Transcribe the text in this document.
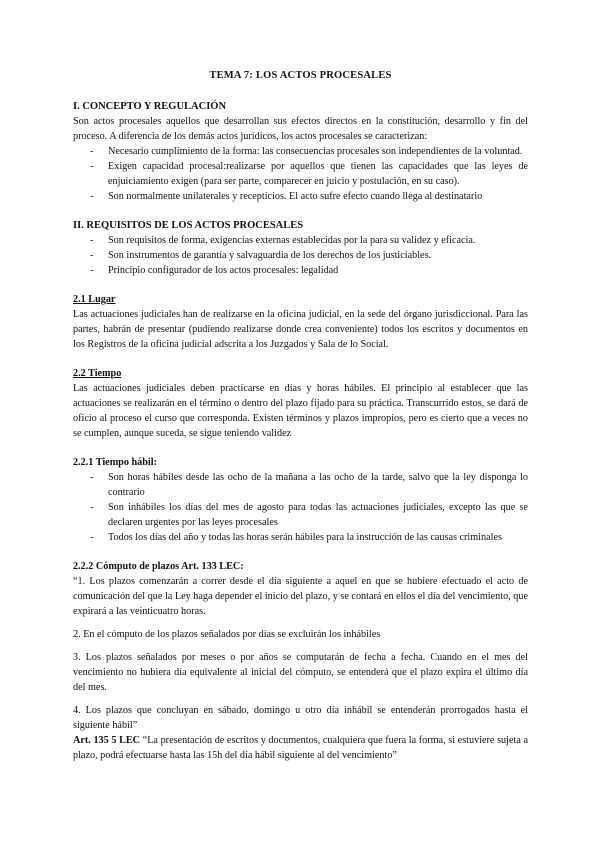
TEMA 7: LOS ACTOS PROCESALES
I. CONCEPTO Y REGULACIÓN

Son actos procesales aquellos que desarrollan sus efectos directos en la constitución, desarrollo y fin del proceso. A diferencia de los demás actos jurídicos, los actos procesales se caracterizan:

- Necesario cumplimiento de la forma: las consecuencias procesales son independientes de la voluntad.
- Exigen capacidad procesal:realizarse por aquellos que tienen las capacidades que las leyes de enjuiciamiento exigen (para ser parte, comparecer en juicio y postulación, en su caso).
- Son normalmente unilaterales y recepticios. El acto sufre efecto cuando llega al destinatario
II. REQUISITOS DE LOS ACTOS PROCESALES
- Son requisitos de forma, exigencias externas establecidas por la para su validez y eficacia.
- Son instrumentos de garantía y salvaguardia de los derechos de los justiciables.
- Principio configurador de los actos procesales: legalidad
2.1 Lugar

Las actuaciones judiciales han de realizarse en la oficina judicial, en la sede del órgano jurisdiccional. Para las partes, habrán de presentar (pudiendo realizarse donde crea conveniente) todos los escritos y documentos en los Registros de la oficina judicial adscrita a los Juzgados y Sala de lo Social.

2.2 Tiempo

Las actuaciones judiciales deben practicarse en días y horas hábiles. El principio al establecer que las actuaciones se realizarán en el término o dentro del plazo fijado para su práctica. Transcurrido estos, se dará de oficio al proceso el curso que corresponda. Existen términos y plazos impropios, pero es cierto que a veces no se cumplen, aunque suceda, se sigue teniendo validez

2.2.1 Tiempo hábil:
- Son horas hábiles desde las ocho de la mañana a las ocho de la tarde, salvo que la ley disponga lo contrario
- Son inhábiles los días del mes de agosto para todas las actuaciones judiciales, excepto las que se declaren urgentes por las leyes procesales
- Todos los días del año y todas las horas serán hábiles para la instrucción de las causas criminales
2.2.2 Cómputo de plazos Art. 133 LEC:

“1. Los plazos comenzarán a correr desde el día siguiente a aquel en que se hubiere efectuado el acto de comunicación del que la Ley haga depender el inicio del plazo, y se contará en ellos el día del vencimiento, que expirará a las veinticuatro horas.

2. En el cómputo de los plazos señalados por días se excluirán los inhábiles

3. Los plazos señalados por meses o por años se computarán de fecha a fecha. Cuando en el mes del vencimiento no hubiera día equivalente al inicial del cómputo, se entenderá que el plazo expira el último día del mes.

4. Los plazos que concluyan en sábado, domingo u otro día inhábil se entenderán prorrogados hasta el siguiente hábil”

Art. 135 5 LEC “La presentación de escritos y documentos, cualquiera que fuera la forma, si estuviere sujeta a plazo, podrá efectuarse hasta las 15h del día hábil siguiente al del vencimiento”
